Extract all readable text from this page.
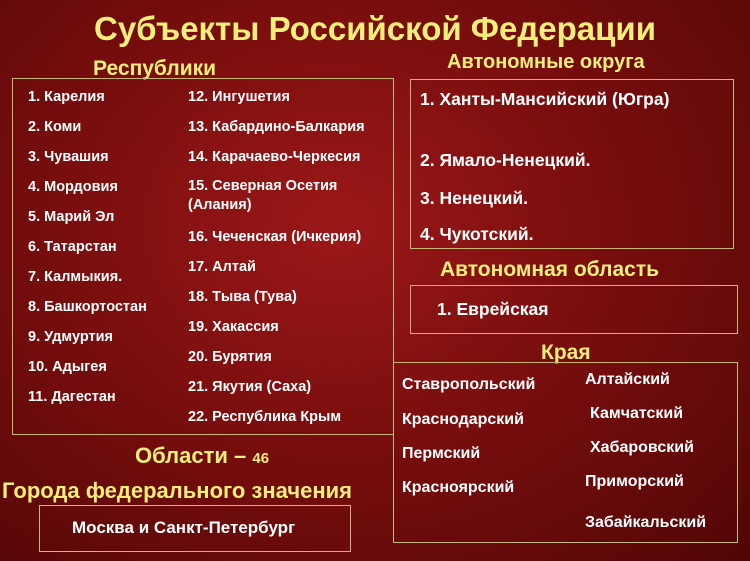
Субъекты Российской Федерации
Республики
1. Карелия
2. Коми
3. Чувашия
4. Мордовия
5. Марий Эл
6. Татарстан
7. Калмыкия.
8. Башкортостан
9. Удмуртия
10. Адыгея
11. Дагестан
12. Ингушетия
13. Кабардино-Балкария
14. Карачаево-Черкесия
15. Северная Осетия (Алания)
16. Чеченская (Ичкерия)
17. Алтай
18. Тыва (Тува)
19. Хакассия
20. Бурятия
21. Якутия (Саха)
22. Республика Крым
Автономные округа
1. Ханты-Мансийский (Югра)
2. Ямало-Ненецкий.
3. Ненецкий.
4. Чукотский.
Автономная область
1. Еврейская
Края
Ставропольский
Краснодарский
Пермский
Красноярский
Алтайский
Камчатский
Хабаровский
Приморский
Забайкальский
Области – 46
Города федерального значения
Москва и Санкт-Петербург
